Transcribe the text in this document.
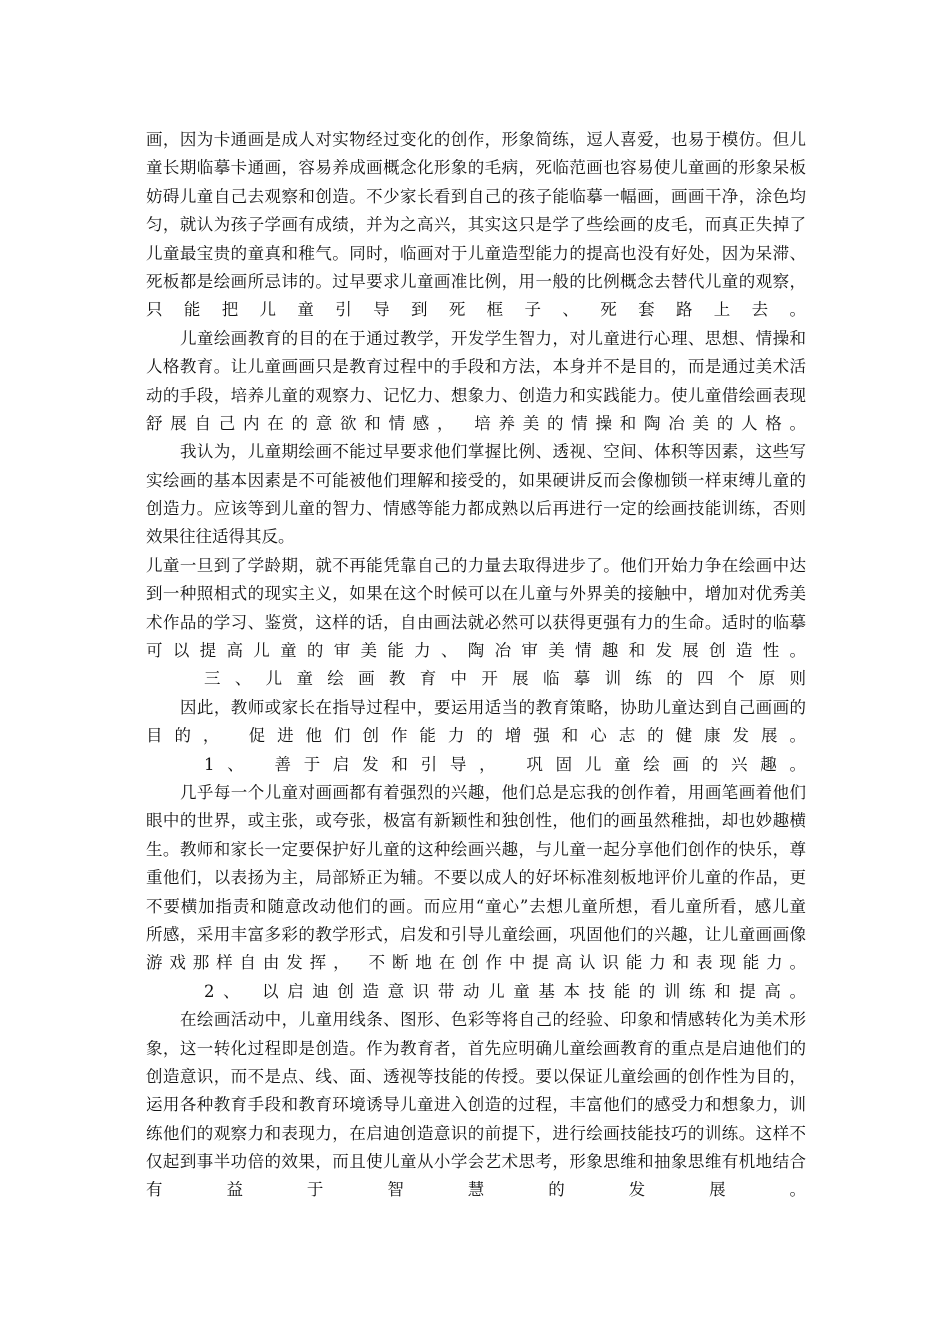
画，因为卡通画是成人对实物经过变化的创作，形象简练，逗人喜爱，也易于模仿。但儿
童长期临摹卡通画，容易养成画概念化形象的毛病，死临范画也容易使儿童画的形象呆板
妨碍儿童自己去观察和创造。不少家长看到自己的孩子能临摹一幅画，画画干净，涂色均
匀，就认为孩子学画有成绩，并为之高兴，其实这只是学了些绘画的皮毛，而真正失掉了
儿童最宝贵的童真和稚气。同时，临画对于儿童造型能力的提高也没有好处，因为呆滞、
死板都是绘画所忌讳的。过早要求儿童画准比例，用一般的比例概念去替代儿童的观察，
只能把儿童引导到死框子、死套路上去。
儿童绘画教育的目的在于通过教学，开发学生智力，对儿童进行心理、思想、情操和
人格教育。让儿童画画只是教育过程中的手段和方法，本身并不是目的，而是通过美术活
动的手段，培养儿童的观察力、记忆力、想象力、创造力和实践能力。使儿童借绘画表现
舒展自己内在的意欲和情感， 培养美的情操和陶冶美的人格。
我认为，儿童期绘画不能过早要求他们掌握比例、透视、空间、体积等因素，这些写
实绘画的基本因素是不可能被他们理解和接受的，如果硬讲反而会像枷锁一样束缚儿童的
创造力。应该等到儿童的智力、情感等能力都成熟以后再进行一定的绘画技能训练，否则
效果往往适得其反。
儿童一旦到了学龄期，就不再能凭靠自己的力量去取得进步了。他们开始力争在绘画中达
到一种照相式的现实主义，如果在这个时候可以在儿童与外界美的接触中，增加对优秀美
术作品的学习、鉴赏，这样的话，自由画法就必然可以获得更强有力的生命。适时的临摹
可以提高儿童的审美能力、陶冶审美情趣和发展创造性。
三、儿童绘画教育中开展临摹训练的四个原则
因此，教师或家长在指导过程中，要运用适当的教育策略，协助儿童达到自己画画的
目的， 促进他们创作能力的增强和心志的健康发展。
1、 善于启发和引导， 巩固儿童绘画的兴趣。
几乎每一个儿童对画画都有着强烈的兴趣，他们总是忘我的创作着，用画笔画着他们
眼中的世界，或主张，或夸张，极富有新颖性和独创性，他们的画虽然稚拙，却也妙趣横
生。教师和家长一定要保护好儿童的这种绘画兴趣，与儿童一起分享他们创作的快乐，尊
重他们，以表扬为主，局部矫正为辅。不要以成人的好坏标准刻板地评价儿童的作品，更
不要横加指责和随意改动他们的画。而应用“童心”去想儿童所想，看儿童所看，感儿童
所感，采用丰富多彩的教学形式，启发和引导儿童绘画，巩固他们的兴趣，让儿童画画像
游戏那样自由发挥， 不断地在创作中提高认识能力和表现能力。
2、 以启迪创造意识带动儿童基本技能的训练和提高。
在绘画活动中，儿童用线条、图形、色彩等将自己的经验、印象和情感转化为美术形
象，这一转化过程即是创造。作为教育者，首先应明确儿童绘画教育的重点是启迪他们的
创造意识，而不是点、线、面、透视等技能的传授。要以保证儿童绘画的创作性为目的，
运用各种教育手段和教育环境诱导儿童进入创造的过程，丰富他们的感受力和想象力，训
练他们的观察力和表现力，在启迪创造意识的前提下，进行绘画技能技巧的训练。这样不
仅起到事半功倍的效果，而且使儿童从小学会艺术思考，形象思维和抽象思维有机地结合
有益于智慧的发展。
